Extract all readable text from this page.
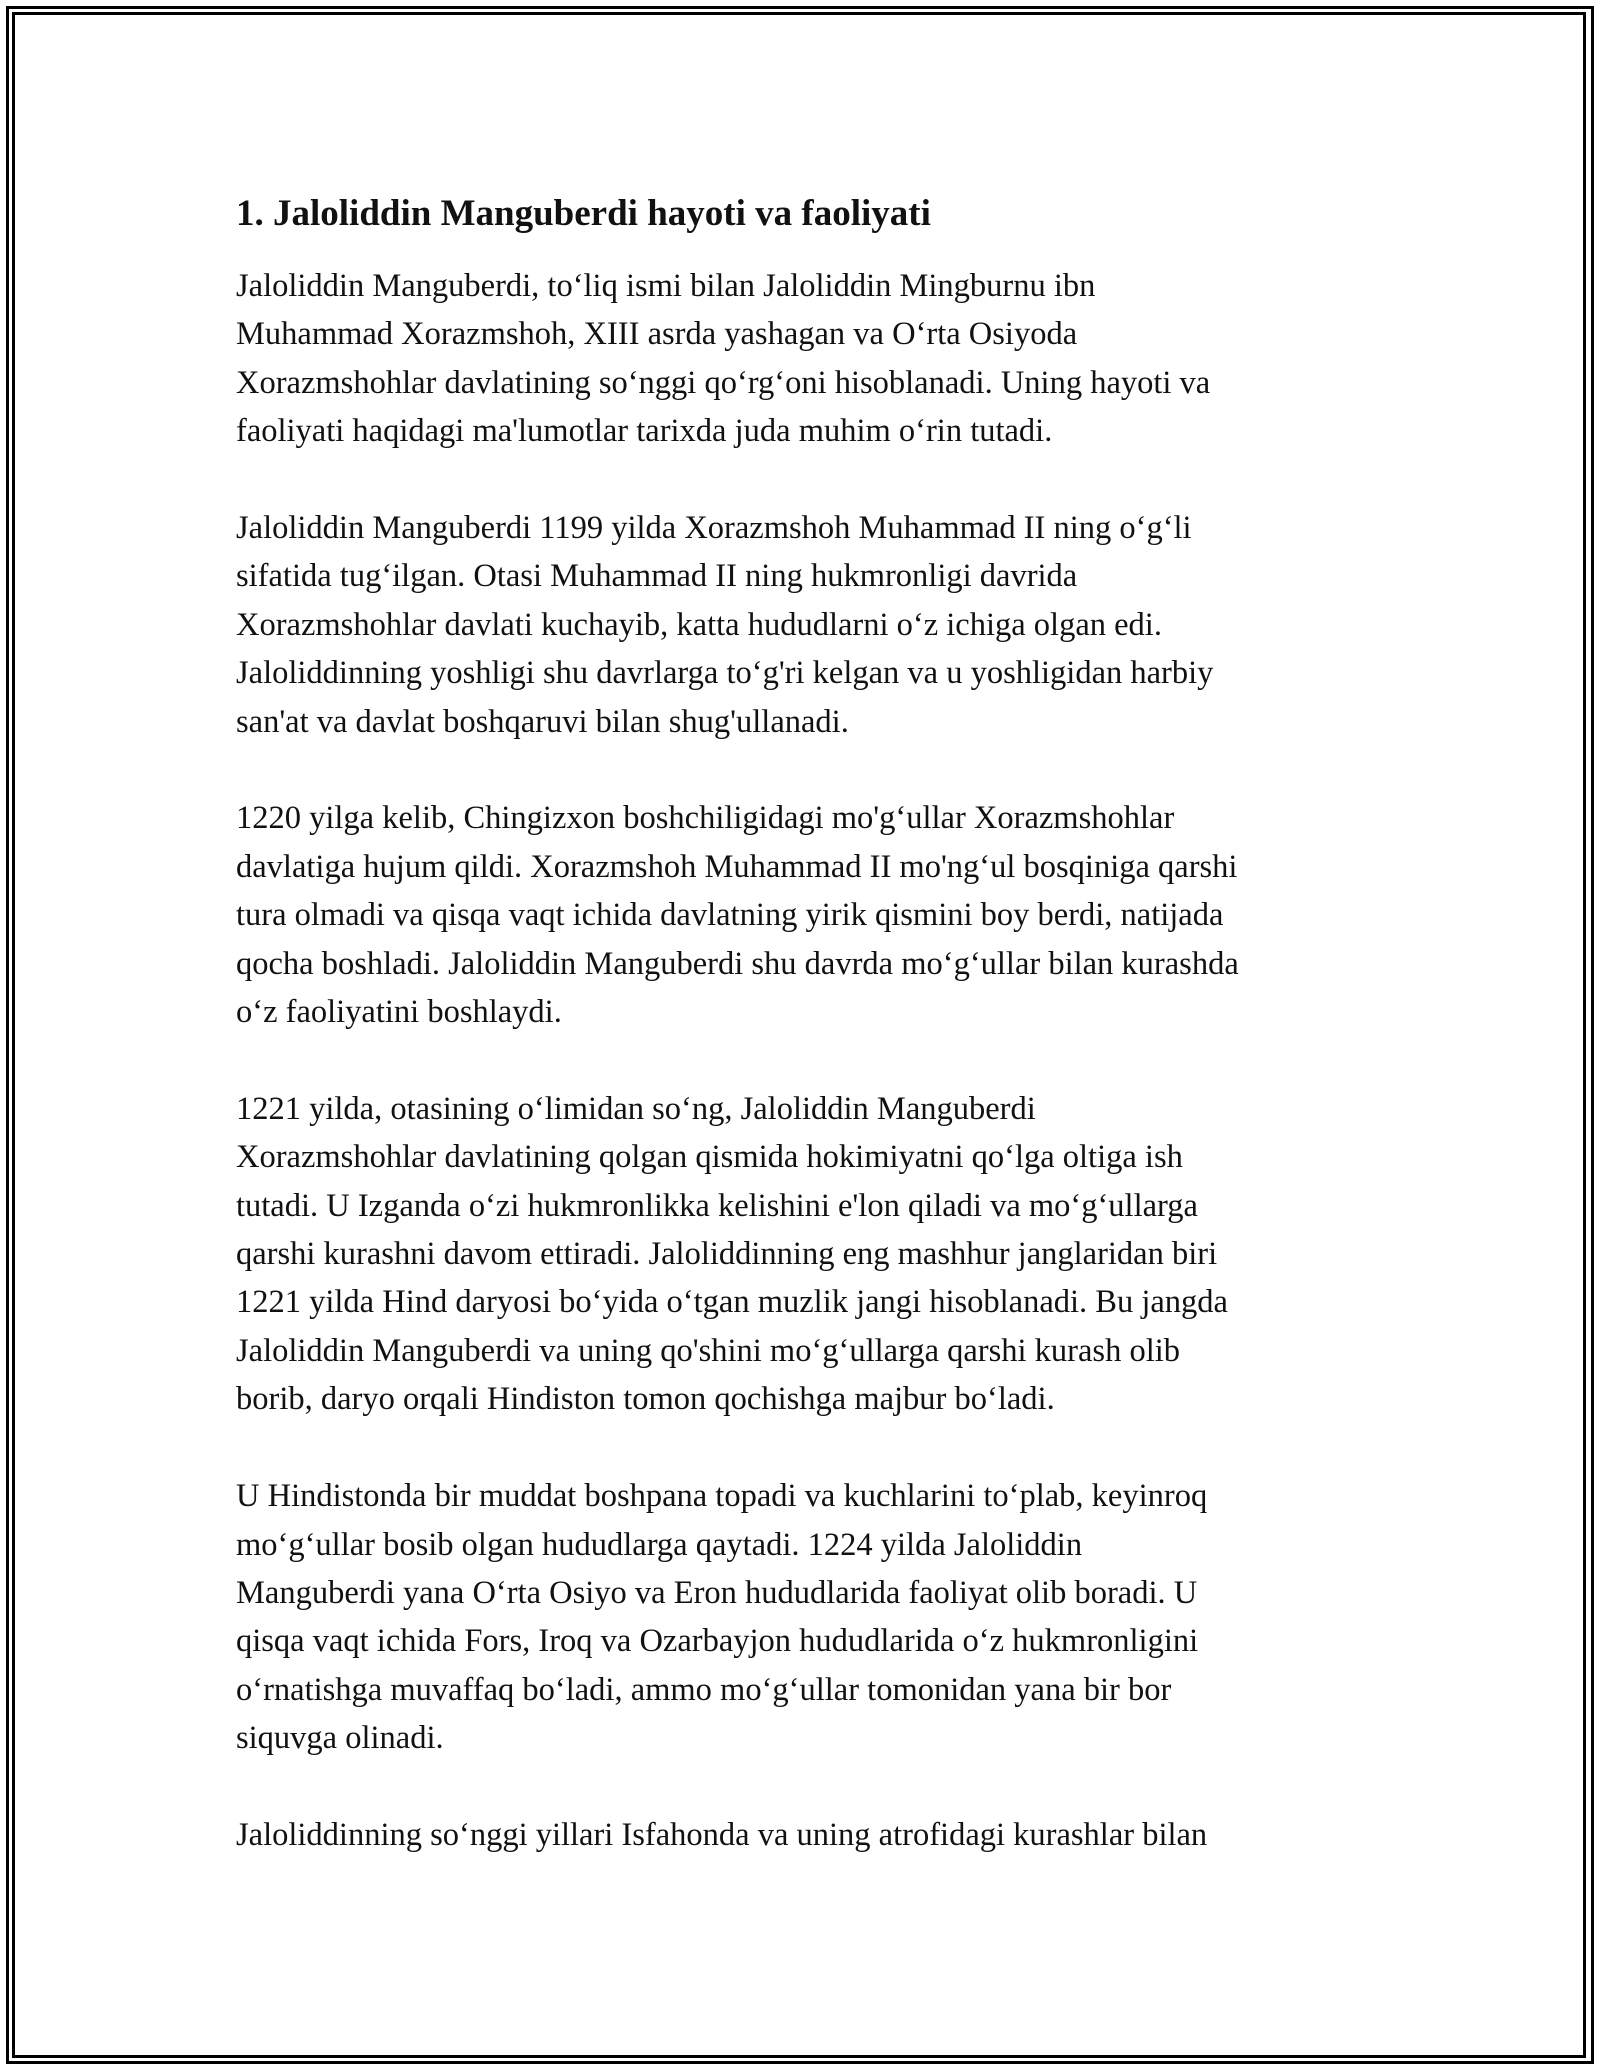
1. Jaloliddin Manguberdi hayoti va faoliyati

Jaloliddin Manguberdi, to‘liq ismi bilan Jaloliddin Mingburnu ibn
Muhammad Xorazmshoh, XIII asrda yashagan va O‘rta Osiyoda
Xorazmshohlar davlatining so‘nggi qo‘rg‘oni hisoblanadi. Uning hayoti va
faoliyati haqidagi ma'lumotlar tarixda juda muhim o‘rin tutadi.

Jaloliddin Manguberdi 1199 yilda Xorazmshoh Muhammad II ning o‘g‘li
sifatida tug‘ilgan. Otasi Muhammad II ning hukmronligi davrida
Xorazmshohlar davlati kuchayib, katta hududlarni o‘z ichiga olgan edi.
Jaloliddinning yoshligi shu davrlarga to‘g'ri kelgan va u yoshligidan harbiy
san'at va davlat boshqaruvi bilan shug'ullanadi.

1220 yilga kelib, Chingizxon boshchiligidagi mo'g‘ullar Xorazmshohlar
davlatiga hujum qildi. Xorazmshoh Muhammad II mo'ng‘ul bosqiniga qarshi
tura olmadi va qisqa vaqt ichida davlatning yirik qismini boy berdi, natijada
qocha boshladi. Jaloliddin Manguberdi shu davrda mo‘g‘ullar bilan kurashda
o‘z faoliyatini boshlaydi.

1221 yilda, otasining o‘limidan so‘ng, Jaloliddin Manguberdi
Xorazmshohlar davlatining qolgan qismida hokimiyatni qo‘lga oltiga ish
tutadi. U Izganda o‘zi hukmronlikka kelishini e'lon qiladi va mo‘g‘ullarga
qarshi kurashni davom ettiradi. Jaloliddinning eng mashhur janglaridan biri
1221 yilda Hind daryosi bo‘yida o‘tgan muzlik jangi hisoblanadi. Bu jangda
Jaloliddin Manguberdi va uning qo'shini mo‘g‘ullarga qarshi kurash olib
borib, daryo orqali Hindiston tomon qochishga majbur bo‘ladi.

U Hindistonda bir muddat boshpana topadi va kuchlarini to‘plab, keyinroq
mo‘g‘ullar bosib olgan hududlarga qaytadi. 1224 yilda Jaloliddin
Manguberdi yana O‘rta Osiyo va Eron hududlarida faoliyat olib boradi. U
qisqa vaqt ichida Fors, Iroq va Ozarbayjon hududlarida o‘z hukmronligini
o‘rnatishga muvaffaq bo‘ladi, ammo mo‘g‘ullar tomonidan yana bir bor
siquvga olinadi.

Jaloliddinning so‘nggi yillari Isfahonda va uning atrofidagi kurashlar bilan
